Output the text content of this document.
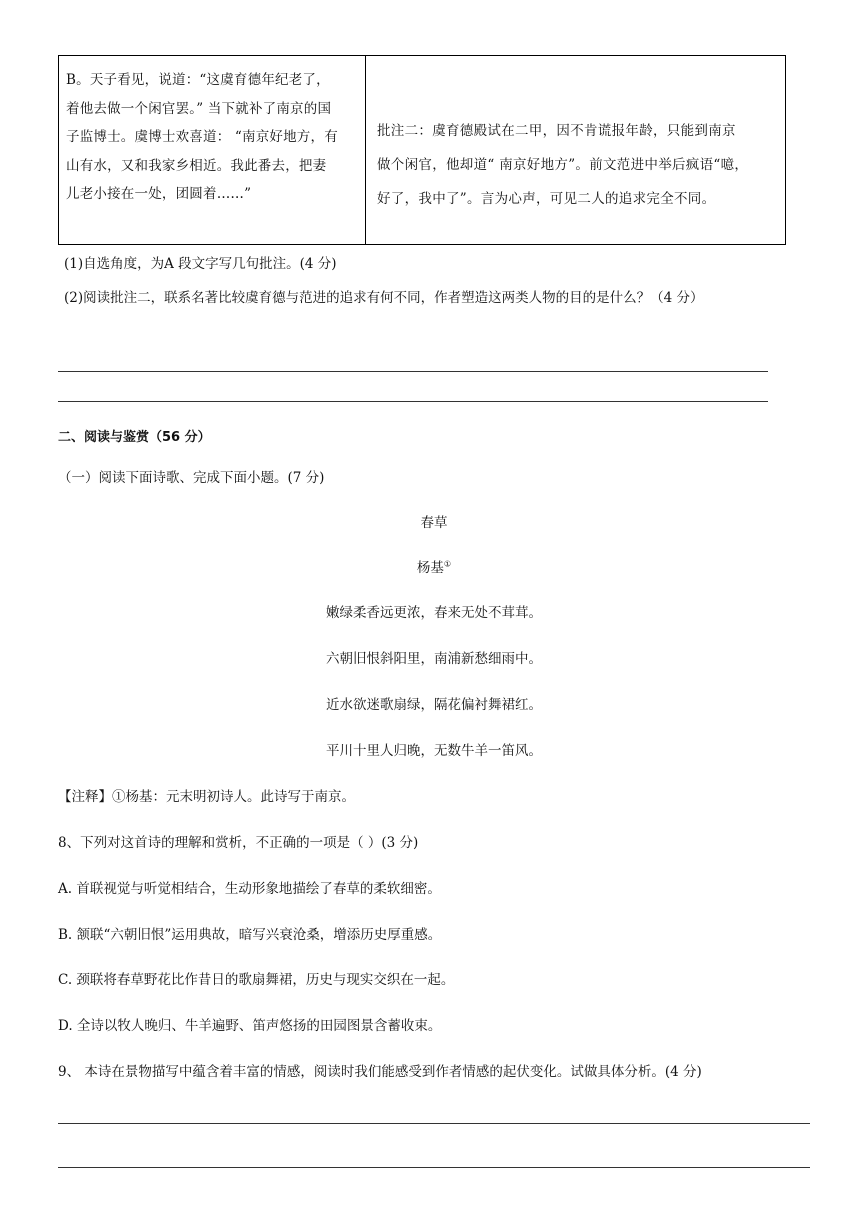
B。天子看见，说道：“这虞育德年纪老了，
着他去做一个闲官罢。” 当下就补了南京的国
子监博士。虞博士欢喜道： “南京好地方，有
山有水，又和我家乡相近。我此番去，把妻
儿老小接在一处，团圆着……”
批注二：虞育德殿试在二甲，因不肯谎报年龄，只能到南京
做个闲官，他却道“ 南京好地方”。前文范进中举后疯语“噫，
好了，我中了”。言为心声，可见二人的追求完全不同。
(1)自选角度，为A 段文字写几句批注。(4 分)
(2)阅读批注二，联系名著比较虞育德与范进的追求有何不同，作者塑造这两类人物的目的是什么？（4 分）
二、阅读与鉴赏（56 分）
（一）阅读下面诗歌、完成下面小题。(7 分)
春草
杨基①
嫩绿柔香远更浓，春来无处不茸茸。
六朝旧恨斜阳里，南浦新愁细雨中。
近水欲迷歌扇绿，隔花偏衬舞裙红。
平川十里人归晚，无数牛羊一笛风。
【注释】①杨基：元末明初诗人。此诗写于南京。
8、下列对这首诗的理解和赏析，不正确的一项是（ ）(3 分)
A. 首联视觉与听觉相结合，生动形象地描绘了春草的柔软细密。
B. 颔联“六朝旧恨”运用典故，暗写兴衰沧桑，增添历史厚重感。
C. 颈联将春草野花比作昔日的歌扇舞裙，历史与现实交织在一起。
D. 全诗以牧人晚归、牛羊遍野、笛声悠扬的田园图景含蓄收束。
9、 本诗在景物描写中蕴含着丰富的情感，阅读时我们能感受到作者情感的起伏变化。试做具体分析。(4 分)
